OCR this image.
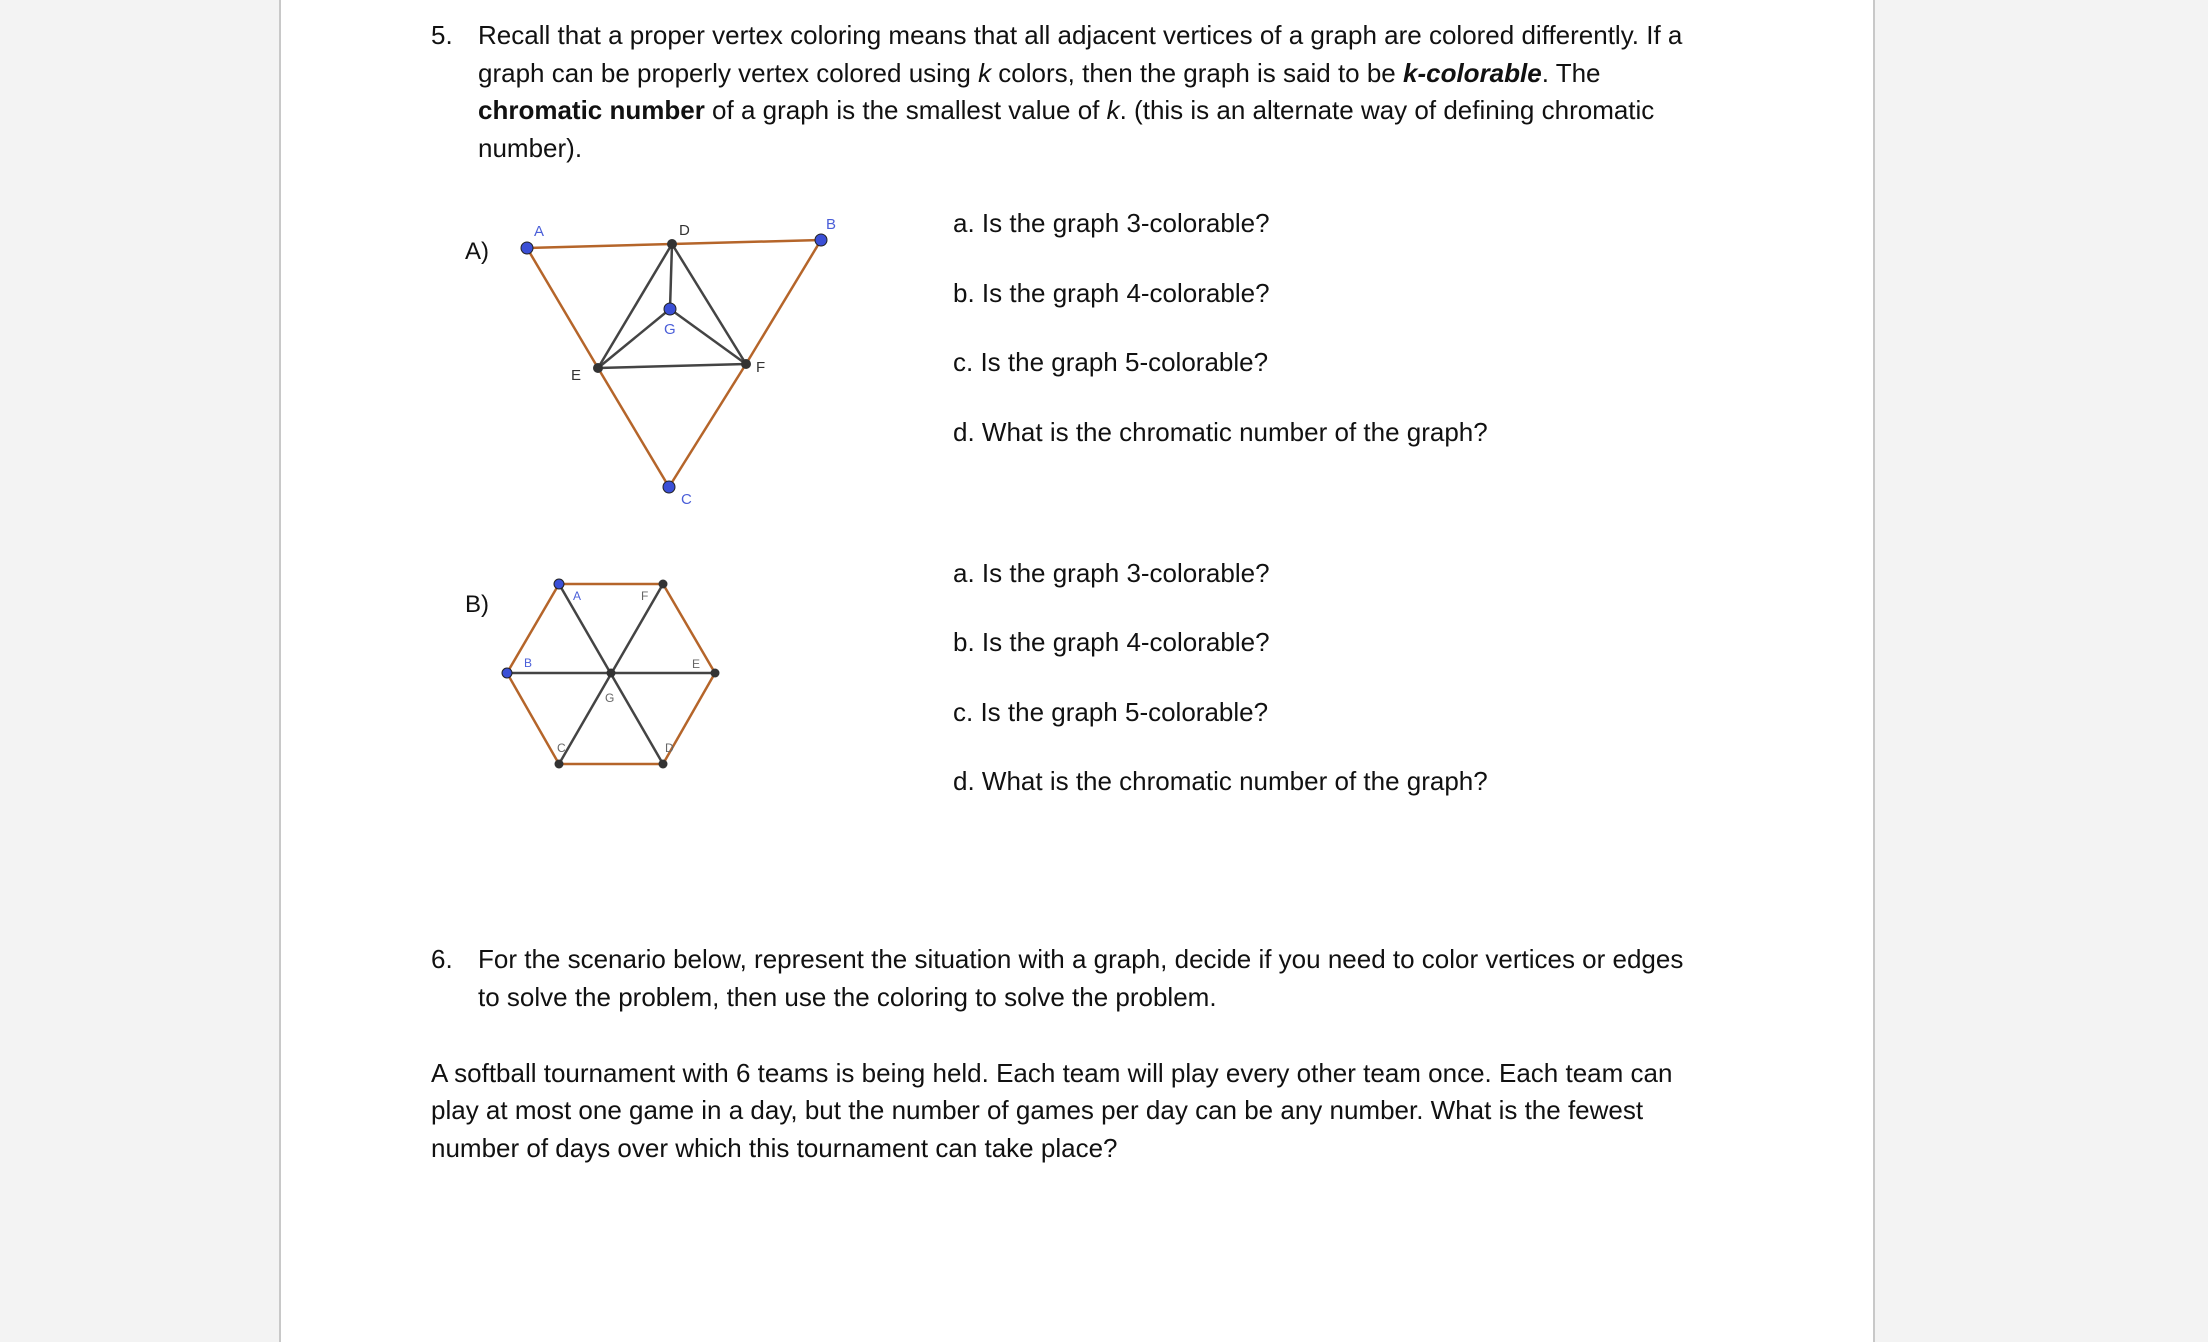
5. Recall that a proper vertex coloring means that all adjacent vertices of a graph are colored differently. If a
graph can be properly vertex colored using k colors, then the graph is said to be k-colorable. The
chromatic number of a graph is the smallest value of k. (this is an alternate way of defining chromatic
number).
A)
A	B
C
D
E	F
G
a. Is the graph 3-colorable?
b. Is the graph 4-colorable?
c. Is the graph 5-colorable?
d. What is the chromatic number of the graph?
B)	A
B
C	D
E
F
G
a. Is the graph 3-colorable?
b. Is the graph 4-colorable?
c. Is the graph 5-colorable?
d. What is the chromatic number of the graph?
6. For the scenario below, represent the situation with a graph, decide if you need to color vertices or edges
to solve the problem, then use the coloring to solve the problem.
A softball tournament with 6 teams is being held. Each team will play every other team once. Each team can
play at most one game in a day, but the number of games per day can be any number. What is the fewest
number of days over which this tournament can take place?
